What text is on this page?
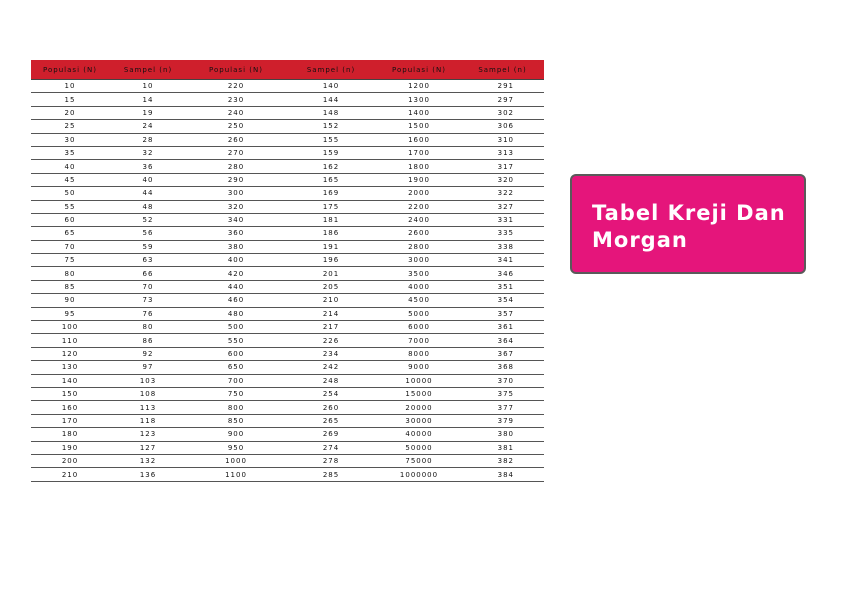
Populasi (N)	Sampel (n)	Populasi (N)	Sampel (n)	Populasi (N)	Sampel (n)
10	10	220	140	1200	291
15	14	230	144	1300	297
20	19	240	148	1400	302
25	24	250	152	1500	306
30	28	260	155	1600	310
35	32	270	159	1700	313
40	36	280	162	1800	317
45	40	290	165	1900	320
50	44	300	169	2000	322
55	48	320	175	2200	327
60	52	340	181	2400	331
65	56	360	186	2600	335
70	59	380	191	2800	338
75	63	400	196	3000	341
80	66	420	201	3500	346
85	70	440	205	4000	351
90	73	460	210	4500	354
95	76	480	214	5000	357
100	80	500	217	6000	361
110	86	550	226	7000	364
120	92	600	234	8000	367
130	97	650	242	9000	368
140	103	700	248	10000	370
150	108	750	254	15000	375
160	113	800	260	20000	377
170	118	850	265	30000	379
180	123	900	269	40000	380
190	127	950	274	50000	381
200	132	1000	278	75000	382
210	136	1100	285	1000000	384
Tabel Kreji Dan
Morgan
